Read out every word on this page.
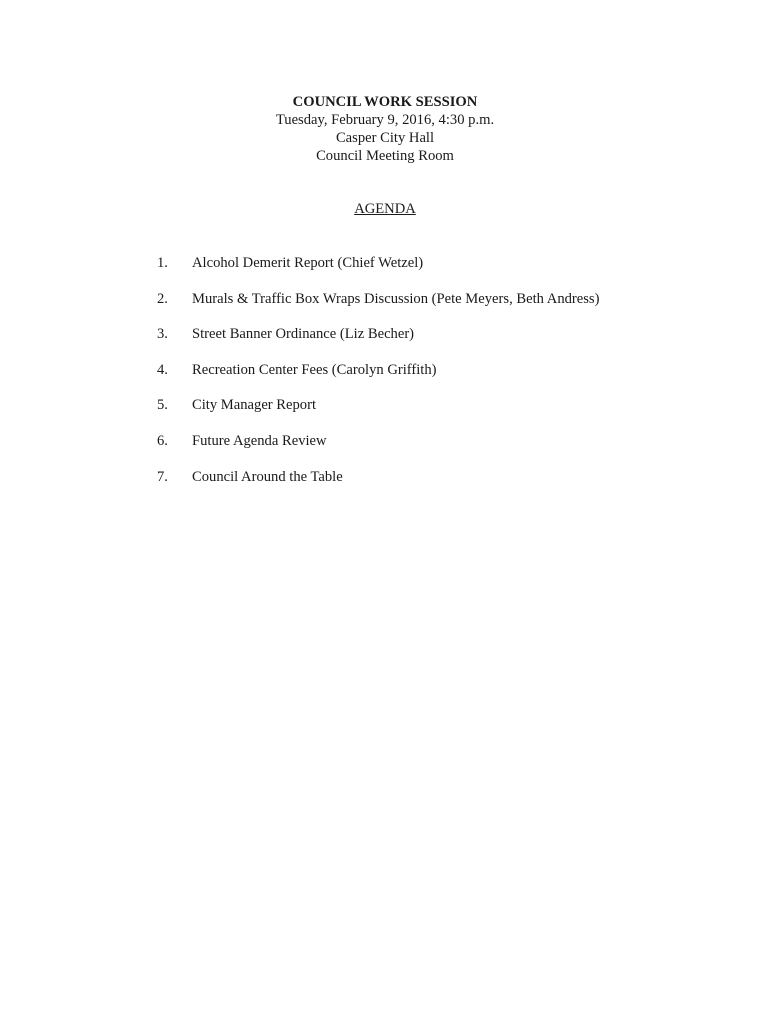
COUNCIL WORK SESSION
Tuesday, February 9, 2016, 4:30 p.m.
Casper City Hall
Council Meeting Room
AGENDA
1. Alcohol Demerit Report (Chief Wetzel)
2. Murals & Traffic Box Wraps Discussion (Pete Meyers, Beth Andress)
3. Street Banner Ordinance (Liz Becher)
4. Recreation Center Fees (Carolyn Griffith)
5. City Manager Report
6. Future Agenda Review
7. Council Around the Table
